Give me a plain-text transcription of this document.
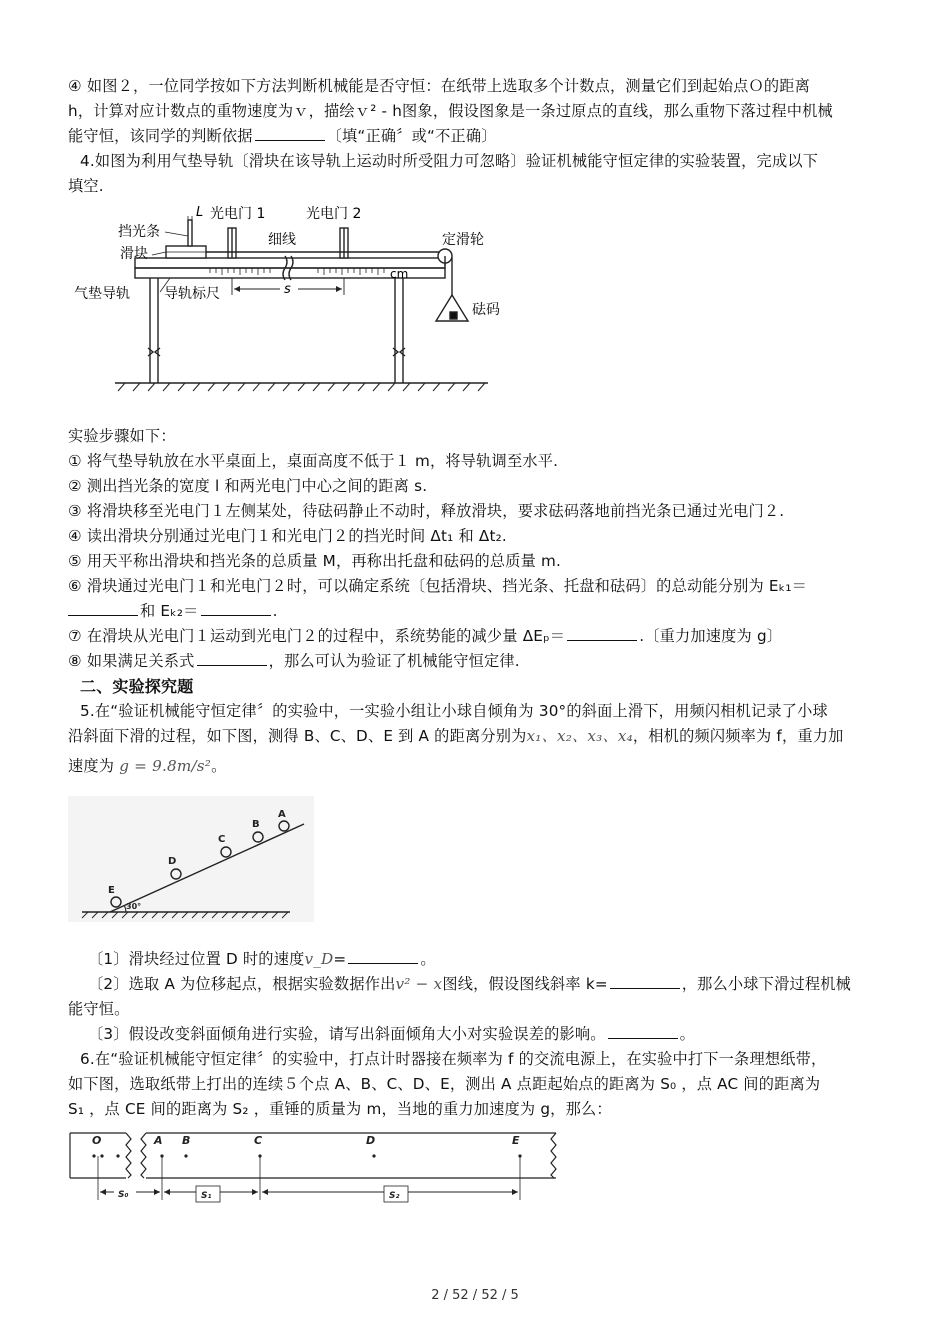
④ 如图２，一位同学按如下方法判断机械能是否守恒：在纸带上选取多个计数点，测量它们到起始点Ｏ的距离
h，计算对应计数点的重物速度为ｖ，描绘ｖ² - h图象，假设图象是一条过原点的直线，那么重物下落过程中机械
能守恒，该同学的判断依据	〔填“正确〞或“不正确〕
4.如图为利用气垫导轨〔滑块在该导轨上运动时所受阻力可忽略〕验证机械能守恒定律的实验装置，完成以下
填空.
L 光电门 1	光电门 2
挡光条	细线	定滑轮
滑块
cm
气垫导轨 导轨标尺	s
砝码
实验步骤如下：
① 将气垫导轨放在水平桌面上，桌面高度不低于１ m，将导轨调至水平.
② 测出挡光条的宽度 l 和两光电门中心之间的距离 s.
③ 将滑块移至光电门１左侧某处，待砝码静止不动时，释放滑块，要求砝码落地前挡光条已通过光电门２.
④ 读出滑块分别通过光电门１和光电门２的挡光时间 Δt₁ 和 Δt₂.
⑤ 用天平称出滑块和挡光条的总质量 M，再称出托盘和砝码的总质量 m.
⑥ 滑块通过光电门１和光电门２时，可以确定系统〔包括滑块、挡光条、托盘和砝码〕的总动能分别为 Eₖ₁＝
和 Eₖ₂＝	.
⑦ 在滑块从光电门１运动到光电门２的过程中，系统势能的减少量 ΔEₚ＝	.〔重力加速度为 g〕
⑧ 如果满足关系式	，那么可认为验证了机械能守恒定律.
二、实验探究题
5.在“验证机械能守恒定律〞的实验中，一实验小组让小球自倾角为 30°的斜面上滑下，用频闪相机记录了小球
沿斜面下滑的过程，如下图，测得 B、C、D、E 到 A 的距离分别为x₁、x₂、x₃、x₄，相机的频闪频率为 f，重力加
速度为 g = 9.8m/s²。
E
D
C
B
A
30°
〔1〕滑块经过位置 D 时的速度v_D=	。
〔2〕选取 A 为位移起点，根据实验数据作出v² − x图线，假设图线斜率 k=	，那么小球下滑过程机械
能守恒。
〔3〕假设改变斜面倾角进行实验，请写出斜面倾角大小对实验误差的影响。	。
6.在“验证机械能守恒定律〞的实验中，打点计时器接在频率为 f 的交流电源上，在实验中打下一条理想纸带，
如下图，选取纸带上打出的连续５个点 A、B、C、D、E，测出 A 点距起始点的距离为 S₀ ，点 AC 间的距离为
S₁ ，点 CE 间的距离为 S₂ ，重锤的质量为 m，当地的重力加速度为 g，那么：
O	A B	C	D	E
S₀	S₁	S₂
2 / 52 / 52 / 5
